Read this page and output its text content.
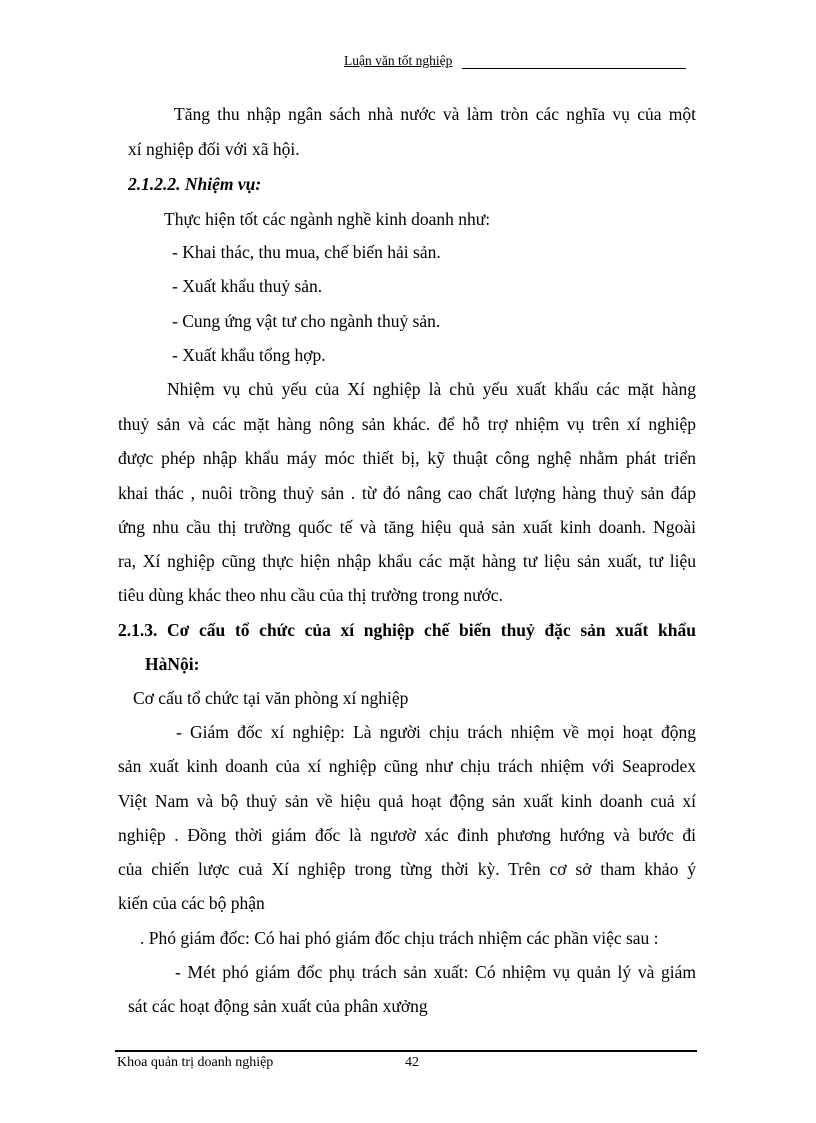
Luận văn tốt nghiệp
Tăng thu nhập ngân sách nhà nước và làm tròn các nghĩa vụ của một
xí nghiệp đối với xã hội.
2.1.2.2. Nhiệm vụ:
Thực hiện tốt các ngành nghề kinh doanh như:
- Khai thác, thu mua, chế biến hải sản.
- Xuất khẩu thuỷ sản.
- Cung ứng vật tư cho ngành thuỷ sản.
- Xuất khẩu tổng hợp.
Nhiệm vụ chủ yếu của Xí nghiệp là chủ yếu xuất khẩu các mặt hàng
thuỷ sản và các mặt hàng nông sản khác. để hỗ trợ nhiệm vụ trên xí nghiệp
được phép nhập khẩu máy móc thiết bị, kỹ thuật công nghệ nhằm phát triển
khai thác , nuôi trồng thuỷ sản . từ đó nâng cao chất lượng hàng thuỷ sản đáp
ứng nhu cầu thị trường quốc tế và tăng hiệu quả sản xuất kinh doanh. Ngoài
ra, Xí nghiệp cũng thực hiện nhập khẩu các mặt hàng tư liệu sản xuất, tư liệu
tiêu dùng khác theo nhu cầu của thị trường trong nước.
2.1.3. Cơ cấu tổ chức của xí nghiệp chế biến thuỷ đặc sản xuất khẩu
HàNội:
Cơ cấu tổ chức tại văn phòng xí nghiệp
- Giám đốc xí nghiệp: Là người chịu trách nhiệm về mọi hoạt động
sản xuất kinh doanh của xí nghiệp cũng như chịu trách nhiệm với Seaprodex
Việt Nam và bộ thuỷ sản về hiệu quả hoạt động sản xuất kinh doanh cuả xí
nghiệp . Đồng thời giám đốc là ngươờ xác đinh phương hướng và bước đi
của chiến lược cuả Xí nghiệp trong từng thời kỳ. Trên cơ sở tham khảo ý
kiến của các bộ phận
. Phó giám đốc: Có hai phó giám đốc chịu trách nhiệm các phần việc sau :
- Mét phó giám đốc phụ trách sản xuất: Có nhiệm vụ quản lý và giám
sát các hoạt động sản xuất của phân xưởng
Khoa quản trị doanh nghiệp	42
